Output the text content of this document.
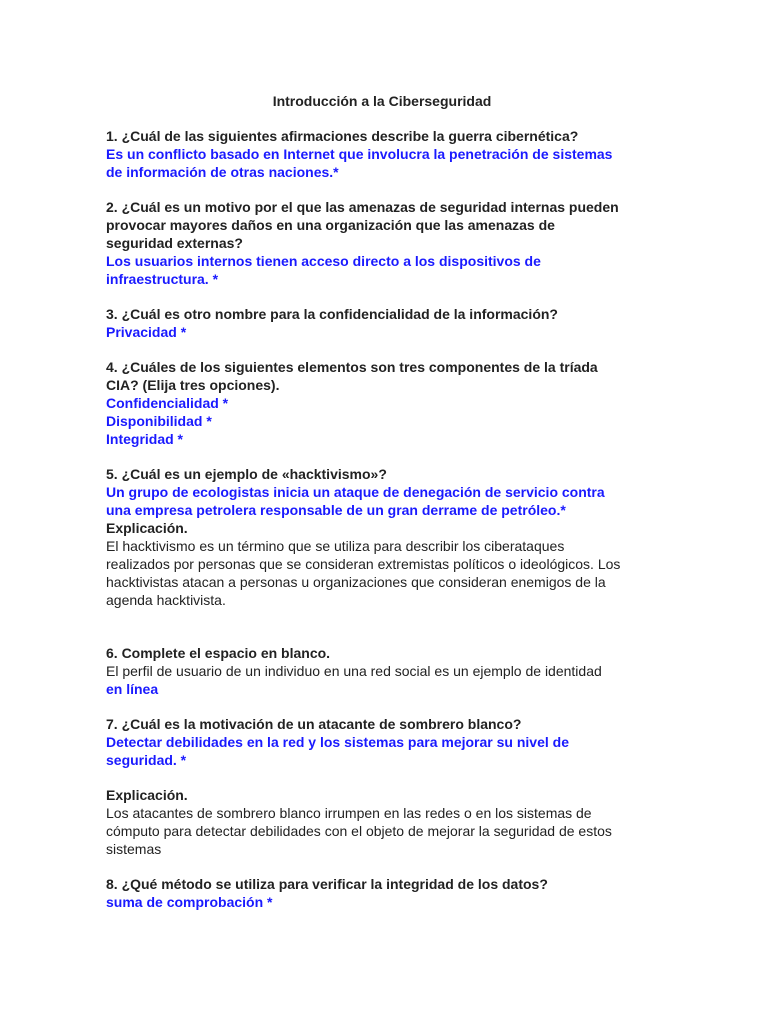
Introducción a la Ciberseguridad
1. ¿Cuál de las siguientes afirmaciones describe la guerra cibernética?
Es un conflicto basado en Internet que involucra la penetración de sistemas
de información de otras naciones.*
2. ¿Cuál es un motivo por el que las amenazas de seguridad internas pueden
provocar mayores daños en una organización que las amenazas de
seguridad externas?
Los usuarios internos tienen acceso directo a los dispositivos de
infraestructura. *
3. ¿Cuál es otro nombre para la confidencialidad de la información?
Privacidad *
4. ¿Cuáles de los siguientes elementos son tres componentes de la tríada
CIA? (Elija tres opciones).
Confidencialidad *
Disponibilidad *
Integridad *
5. ¿Cuál es un ejemplo de «hacktivismo»?
Un grupo de ecologistas inicia un ataque de denegación de servicio contra
una empresa petrolera responsable de un gran derrame de petróleo.*
Explicación.
El hacktivismo es un término que se utiliza para describir los ciberataques
realizados por personas que se consideran extremistas políticos o ideológicos. Los
hacktivistas atacan a personas u organizaciones que consideran enemigos de la
agenda hacktivista.
6. Complete el espacio en blanco.
El perfil de usuario de un individuo en una red social es un ejemplo de identidad
en línea
7. ¿Cuál es la motivación de un atacante de sombrero blanco?
Detectar debilidades en la red y los sistemas para mejorar su nivel de
seguridad. *
Explicación.
Los atacantes de sombrero blanco irrumpen en las redes o en los sistemas de
cómputo para detectar debilidades con el objeto de mejorar la seguridad de estos
sistemas
8. ¿Qué método se utiliza para verificar la integridad de los datos?
suma de comprobación *
